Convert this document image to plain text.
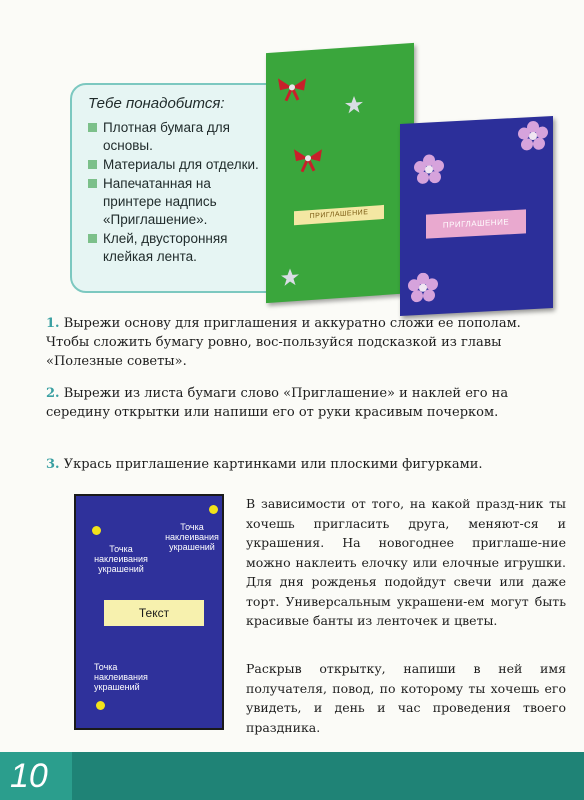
Тебе понадобится:
Плотная бумага для основы.
Материалы для отделки.
Напечатанная на принтере надпись «Приглашение».
Клей, двусторонняя клейкая лента.
ПРИГЛАШЕНИЕ
ПРИГЛАШЕНИЕ
1. Вырежи основу для приглашения и аккуратно сложи ее пополам. Чтобы сложить бумагу ровно, вос-пользуйся подсказкой из главы «Полезные советы».
2. Вырежи из листа бумаги слово «Приглашение» и наклей его на середину открытки или напиши его от руки красивым почерком.
3. Укрась приглашение картинками или плоскими фигурками.
Точка наклеивания украшений
Точка наклеивания украшений
Текст
Точка наклеивания украшений
В зависимости от того, на какой празд-ник ты хочешь пригласить друга, меняют-ся и украшения. На новогоднее приглаше-ние можно наклеить елочку или елочные игрушки. Для дня рожденья подойдут свечи или даже торт. Универсальным украшени-ем могут быть красивые банты из ленточек и цветы.
Раскрыв открытку, напиши в ней имя получателя, повод, по которому ты хочешь его увидеть, и день и час проведения твоего праздника.
10
